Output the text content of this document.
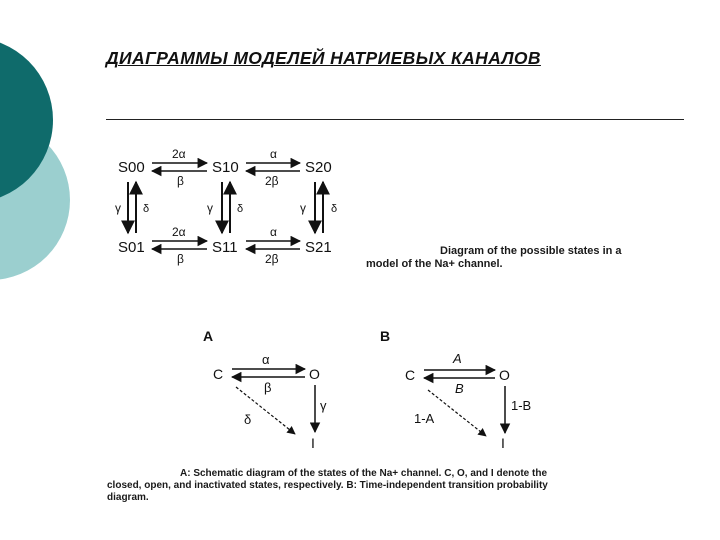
ДИАГРАММЫ МОДЕЛЕЙ НАТРИЕВЫХ КАНАЛОВ
S00	S10	S20
S01	S11	S21
2α
β
α
2β
2α
β
α
2β
γ δ	γ δ	γ δ
A
C	O
I
α
β
δ
γ
B
C	O
I
A
B
1-A
1-B
Diagram of the possible states in a
model of the Na+ channel.
A: Schematic diagram of the states of the Na+ channel. C, O, and I denote the
closed, open, and inactivated states, respectively. B: Time-independent transition probability
diagram.
